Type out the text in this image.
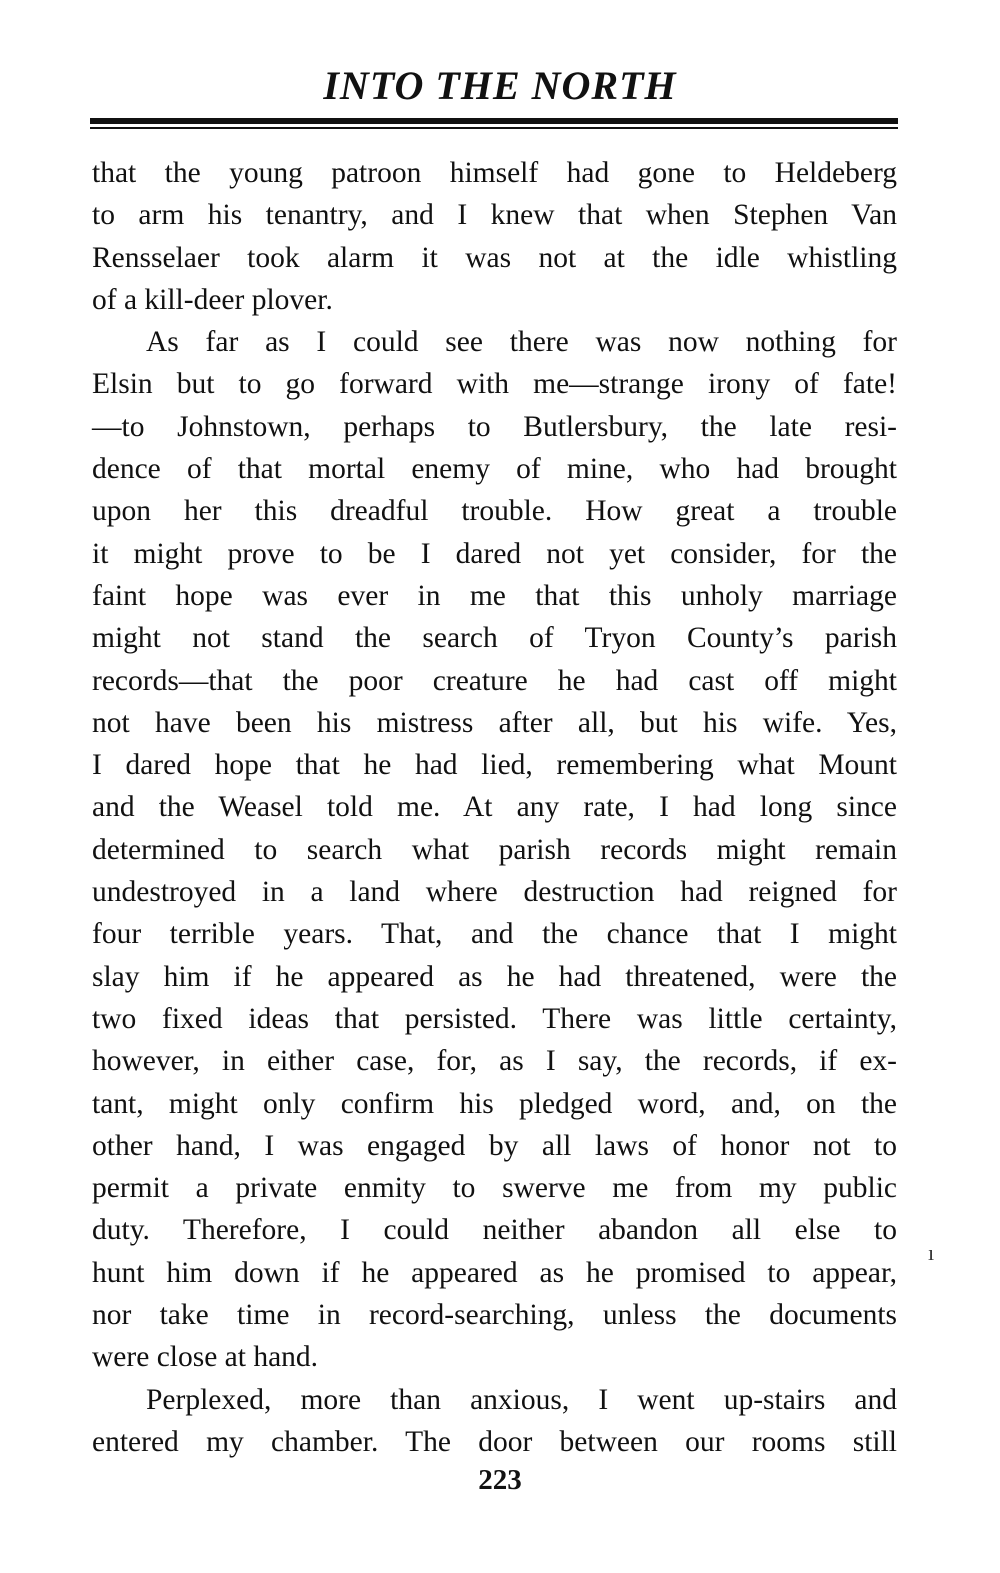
INTO THE NORTH
that the young patroon himself had gone to Heldeberg
to arm his tenantry, and I knew that when Stephen Van
Rensselaer took alarm it was not at the idle whistling
of a kill-deer plover.
As far as I could see there was now nothing for
Elsin but to go forward with me—strange irony of fate!
—to Johnstown, perhaps to Butlersbury, the late resi-
dence of that mortal enemy of mine, who had brought
upon her this dreadful trouble. How great a trouble
it might prove to be I dared not yet consider, for the
faint hope was ever in me that this unholy marriage
might not stand the search of Tryon County’s parish
records—that the poor creature he had cast off might
not have been his mistress after all, but his wife. Yes,
I dared hope that he had lied, remembering what Mount
and the Weasel told me. At any rate, I had long since
determined to search what parish records might remain
undestroyed in a land where destruction had reigned for
four terrible years. That, and the chance that I might
slay him if he appeared as he had threatened, were the
two fixed ideas that persisted. There was little certainty,
however, in either case, for, as I say, the records, if ex-
tant, might only confirm his pledged word, and, on the
other hand, I was engaged by all laws of honor not to
permit a private enmity to swerve me from my public
duty. Therefore, I could neither abandon all else to
hunt him down if he appeared as he promised to appear,
nor take time in record-searching, unless the documents
were close at hand.
Perplexed, more than anxious, I went up-stairs and
entered my chamber. The door between our rooms still
ı
223
